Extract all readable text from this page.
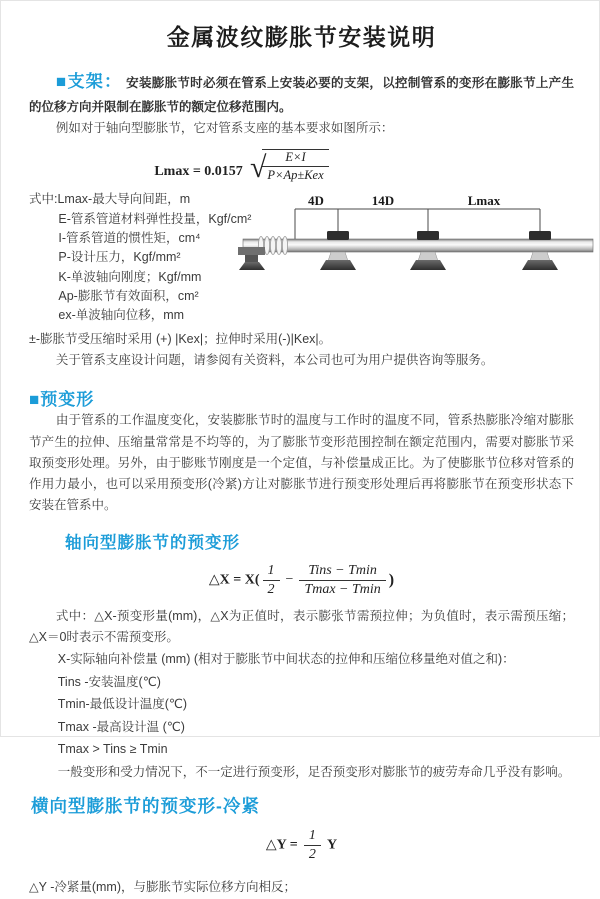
金属波纹膨胀节安装说明

■支架： 安装膨胀节时必须在管系上安装必要的支架，以控制管系的变形在膨胀节上产生的位移方向并限制在膨胀节的额定位移范围内。

例如对于轴向型膨胀节，它对管系支座的基本要求如图所示：

Lmax = 0.0157 √
$\frac{E\times I}{\text{P×Ap±Kex}}$
式中:Lmax-最大导向间距，m
E-管系管道材料弹性投量，Kgf/cm²
I-管系管道的惯性矩，cm⁴
P-设计压力，Kgf/mm²
K-单波轴向刚度；Kgf/mm
Ap-膨胀节有效面积，cm²
ex-单波轴向位移，mm

±-膨胀节受压缩时采用 (+) |Kex|；拉伸时采用(-)|Kex|。

关于管系支座设计问题，请参阅有关资料，本公司也可为用户提供咨询等服务。

4D	14D	Lmax
■预变形

由于管系的工作温度变化，安装膨胀节时的温度与工作时的温度不同，管系热膨胀冷缩对膨胀节产生的拉伸、压缩量常常是不均等的，为了膨胀节变形范围控制在额定范围内，需要对膨胀节采取预变形处理。另外，由于膨账节刚度是一个定值，与补偿量成正比。为了使膨胀节位移对管系的作用力最小，也可以采用预变形(冷紧)方让对膨胀节进行预变形处理后再将膨胀节在预变形状态下安装在管系中。

轴向型膨胀节的预变形
△X = $X( \frac{1}{2} - \frac{\text{Tins − Tmin}}{Tmax - Tmin}$ )

式中：△X-预变形量(mm)，△X为正值时，表示膨张节需预拉伸；为负值时，表示需预压缩；△X＝0时表示不需预变形。

X-实际轴向补偿量 (mm) (相对于膨胀节中间状态的拉伸和压缩位移量绝对值之和)：
Tins -安装温度(℃)
Tmin-最低设计温度(℃)
Tmax -最高设计温 (℃)
Tmax > Tins ≥ Tmin
一般变形和受力情况下，不一定进行预变形，足否预变形对膨胀节的疲劳寿命几乎没有影响。
横向型膨胀节的预变形-冷紧
△Y = $\frac{1}{2}$ Y

△Y -冷紧量(mm)，与膨胀节实际位移方向相反；
